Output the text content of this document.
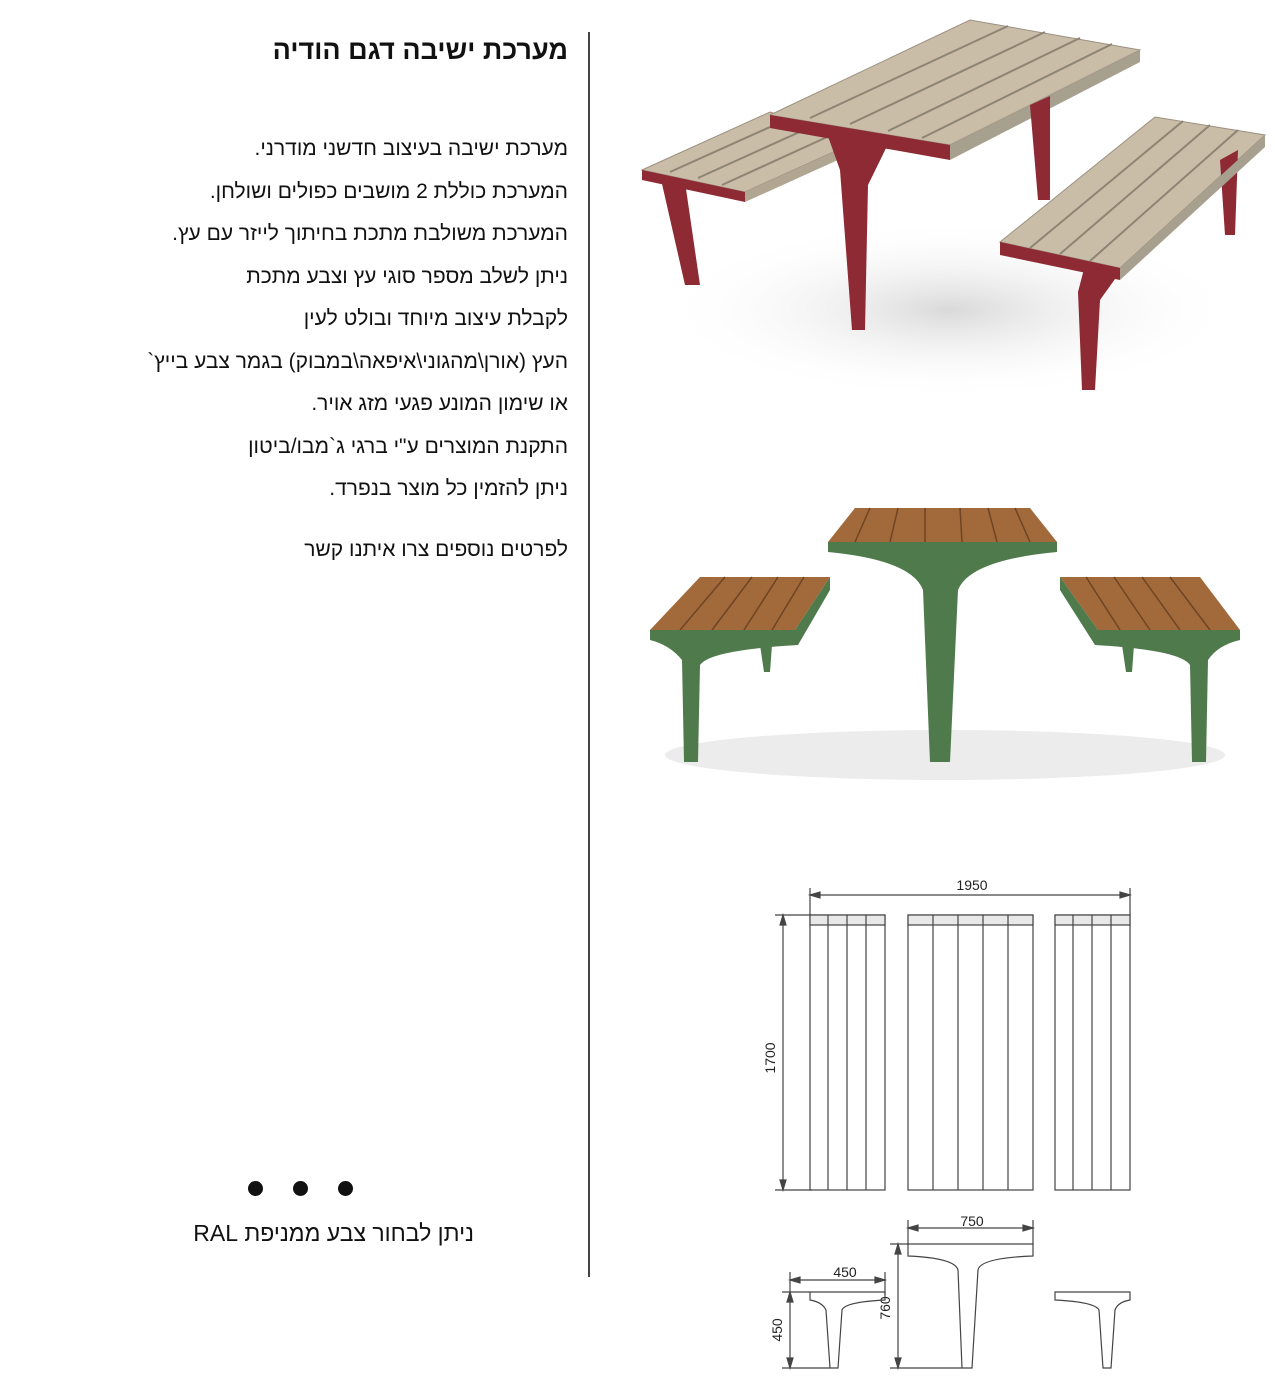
מערכת ישיבה דגם הודיה
מערכת ישיבה בעיצוב חדשני מודרני.
המערכת כוללת 2 מושבים כפולים ושולחן.
המערכת משולבת מתכת בחיתוך לייזר עם עץ.
ניתן לשלב מספר סוגי עץ וצבע מתכת
לקבלת עיצוב מיוחד ובולט לעין
העץ (אורן\מהגוני\איפאה\במבוק) בגמר צבע בייץ`
או שימון המונע פגעי מזג אויר.
התקנת המוצרים ע"י ברגי ג`מבו/ביטון
ניתן להזמין כל מוצר בנפרד.
לפרטים נוספים צרו איתנו קשר
ניתן לבחור צבע ממניפת RAL
1950
1700
750
760
450
450
